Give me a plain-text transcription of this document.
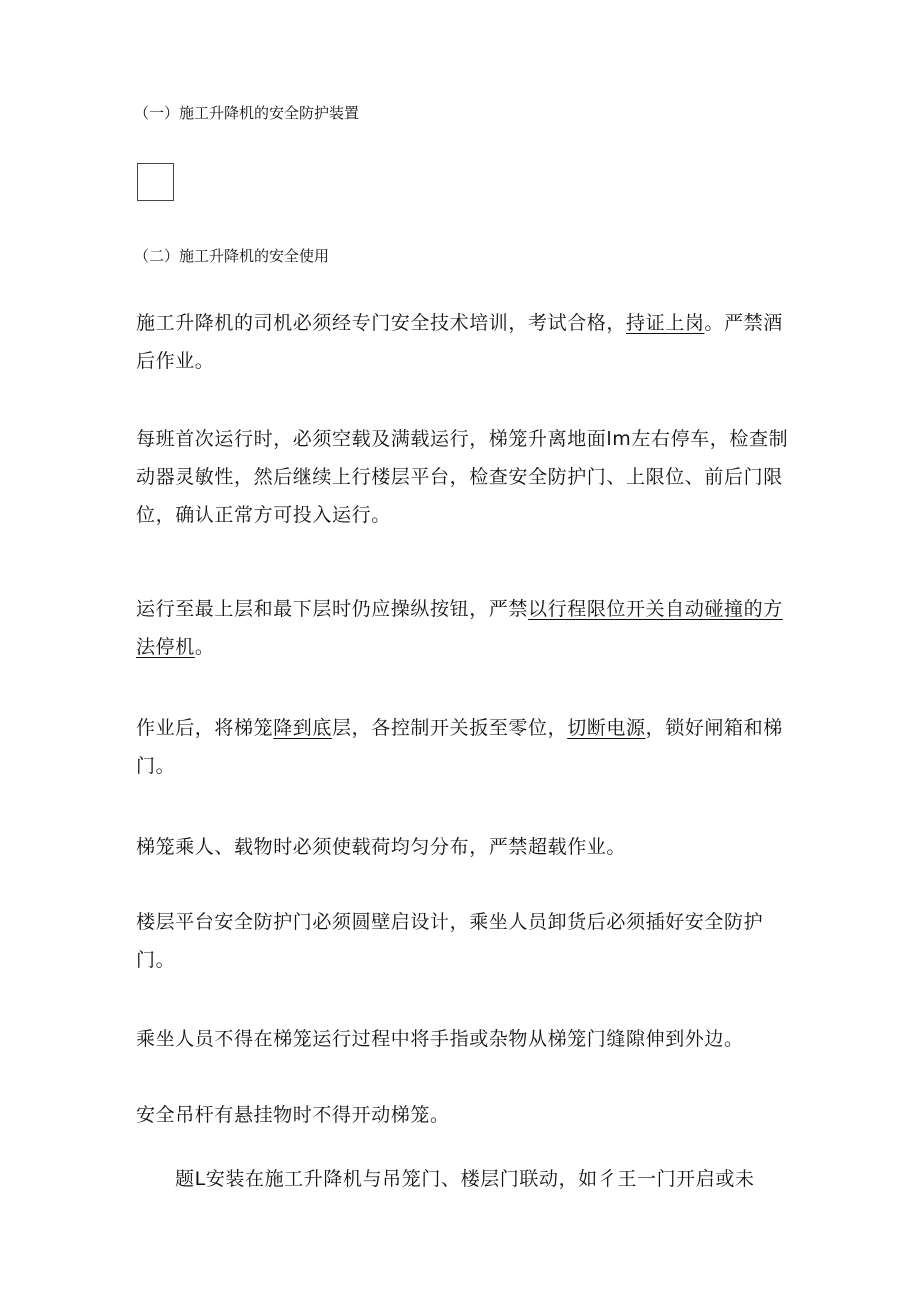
（一）施工升降机的安全防护装置
（二）施工升降机的安全使用
施工升降机的司机必须经专门安全技术培训，考试合格，持证上岗。严禁酒后作业。
每班首次运行时，必须空载及满载运行，梯笼升离地面lm左右停车，检查制动器灵敏性，然后继续上行楼层平台，检查安全防护门、上限位、前后门限位，确认正常方可投入运行。
运行至最上层和最下层时仍应操纵按钮，严禁以行程限位开关自动碰撞的方法停机。
作业后，将梯笼降到底层，各控制开关扳至零位，切断电源，锁好闸箱和梯门。
梯笼乘人、载物时必须使载荷均匀分布，严禁超载作业。
楼层平台安全防护门必须圆壁启设计，乘坐人员卸货后必须插好安全防护门。
乘坐人员不得在梯笼运行过程中将手指或杂物从梯笼门缝隙伸到外边。
安全吊杆有悬挂物时不得开动梯笼。
题L安装在施工升降机与吊笼门、楼层门联动，如彳王一门开启或未
